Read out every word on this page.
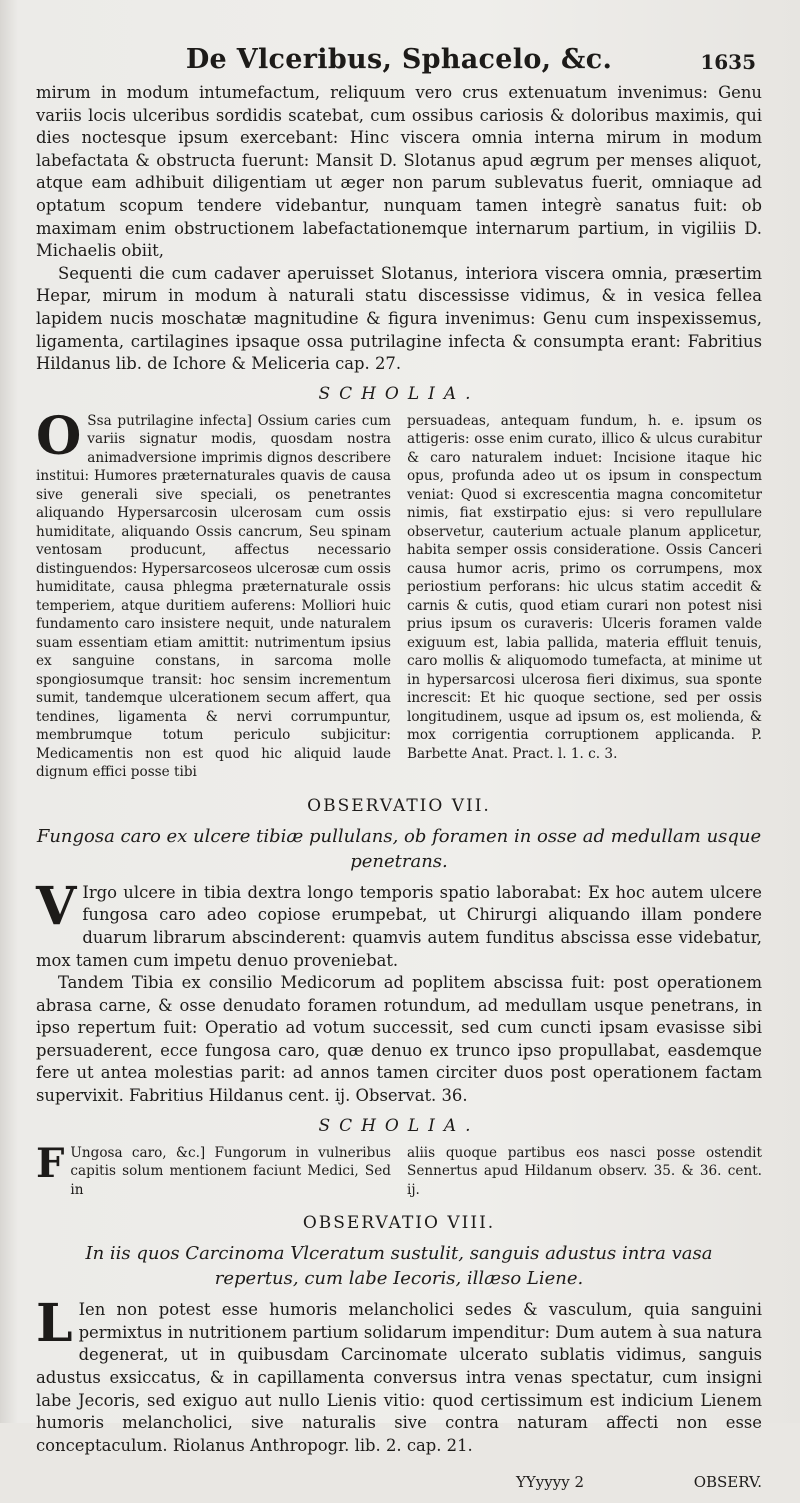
De Vlceribus, Sphacelo, &c.	1635

mirum in modum intumefactum, reliquum vero crus extenuatum invenimus: Genu variis locis ulceribus sordidis scatebat, cum ossibus cariosis & doloribus maximis, qui dies noctesque ipsum exercebant: Hinc viscera omnia interna mirum in modum labefactata & obstructa fuerunt: Mansit D. Slotanus apud ægrum per menses aliquot, atque eam adhibuit diligentiam ut æger non parum sublevatus fuerit, omniaque ad optatum scopum tendere videbantur, nunquam tamen integrè sanatus fuit: ob maximam enim obstructionem labefactationemque internarum partium, in vigiliis D. Michaelis obiit,

Sequenti die cum cadaver aperuisset Slotanus, interiora viscera omnia, præsertim Hepar, mirum in modum à naturali statu discessisse vidimus, & in vesica fellea lapidem nucis moschatæ magnitudine & figura invenimus: Genu cum inspexissemus, ligamenta, cartilagines ipsaque ossa putrilagine infecta & consumpta erant: Fabritius Hildanus lib. de Ichore & Meliceria cap. 27.

SCHOLIA.
O Ssa putrilagine infecta] Ossium caries cum variis signatur modis, quosdam nostra animadversione imprimis dignos describere institui: Humores præternaturales quavis de causa sive generali sive speciali, os penetrantes aliquando Hypersarcosin ulcerosam cum ossis humiditate, aliquando Ossis cancrum, Seu spinam ventosam producunt, affectus necessario distinguendos: Hypersarcoseos ulcerosæ cum ossis humiditate, causa phlegma præternaturale ossis temperiem, atque duritiem auferens: Molliori huic fundamento caro insistere nequit, unde naturalem suam essentiam etiam amittit: nutrimentum ipsius ex sanguine constans, in sarcoma molle spongiosumque transit: hoc sensim incrementum sumit, tandemque ulcerationem secum affert, qua tendines, ligamenta & nervi corrumpuntur, membrumque totum periculo subjicitur: Medicamentis non est quod hic aliquid laude dignum effici posse tibi
persuadeas, antequam fundum, h. e. ipsum os attigeris: osse enim curato, illico & ulcus curabitur & caro naturalem induet: Incisione itaque hic opus, profunda adeo ut os ipsum in conspectum veniat: Quod si excrescentia magna concomitetur nimis, fiat exstirpatio ejus: si vero repullulare observetur, cauterium actuale planum applicetur, habita semper ossis consideratione. Ossis Canceri causa humor acris, primo os corrumpens, mox periostium perforans: hic ulcus statim accedit & carnis & cutis, quod etiam curari non potest nisi prius ipsum os curaveris: Ulceris foramen valde exiguum est, labia pallida, materia effluit tenuis, caro mollis & aliquomodo tumefacta, at minime ut in hypersarcosi ulcerosa fieri diximus, sua sponte increscit: Et hic quoque sectione, sed per ossis longitudinem, usque ad ipsum os, est molienda, & mox corrigentia corruptionem applicanda. P. Barbette Anat. Pract. l. 1. c. 3.
OBSERVATIO VII.
Fungosa caro ex ulcere tibiæ pullulans, ob foramen in osse ad medullam usque penetrans.

V Irgo ulcere in tibia dextra longo temporis spatio laborabat: Ex hoc autem ulcere fungosa caro adeo copiose erumpebat, ut Chirurgi aliquando illam pondere duarum librarum abscinderent: quamvis autem funditus abscissa esse videbatur, mox tamen cum impetu denuo proveniebat.

Tandem Tibia ex consilio Medicorum ad poplitem abscissa fuit: post operationem abrasa carne, & osse denudato foramen rotundum, ad medullam usque penetrans, in ipso repertum fuit: Operatio ad votum successit, sed cum cuncti ipsam evasisse sibi persuaderent, ecce fungosa caro, quæ denuo ex trunco ipso propullabat, easdemque fere ut antea molestias parit: ad annos tamen circiter duos post operationem factam supervixit. Fabritius Hildanus cent. ij. Observat. 36.

SCHOLIA.
F Ungosa caro, &c.] Fungorum in vulneribus capitis solum mentionem faciunt Medici, Sed in
aliis quoque partibus eos nasci posse ostendit Sennertus apud Hildanum observ. 35. & 36. cent. ij.
OBSERVATIO VIII.
In iis quos Carcinoma Vlceratum sustulit, sanguis adustus intra vasa
repertus, cum labe Iecoris, illæso Liene.

L Ien non potest esse humoris melancholici sedes & vasculum, quia sanguini permixtus in nutritionem partium solidarum impenditur: Dum autem à sua natura degenerat, ut in quibusdam Carcinomate ulcerato sublatis vidimus, sanguis adustus exsiccatus, & in capillamenta conversus intra venas spectatur, cum insigni labe Jecoris, sed exiguo aut nullo Lienis vitio: quod certissimum est indicium Lienem humoris melancholici, sive naturalis sive contra naturam affecti non esse conceptaculum. Riolanus Anthropogr. lib. 2. cap. 21.

YYyyyy 2	OBSERV.
